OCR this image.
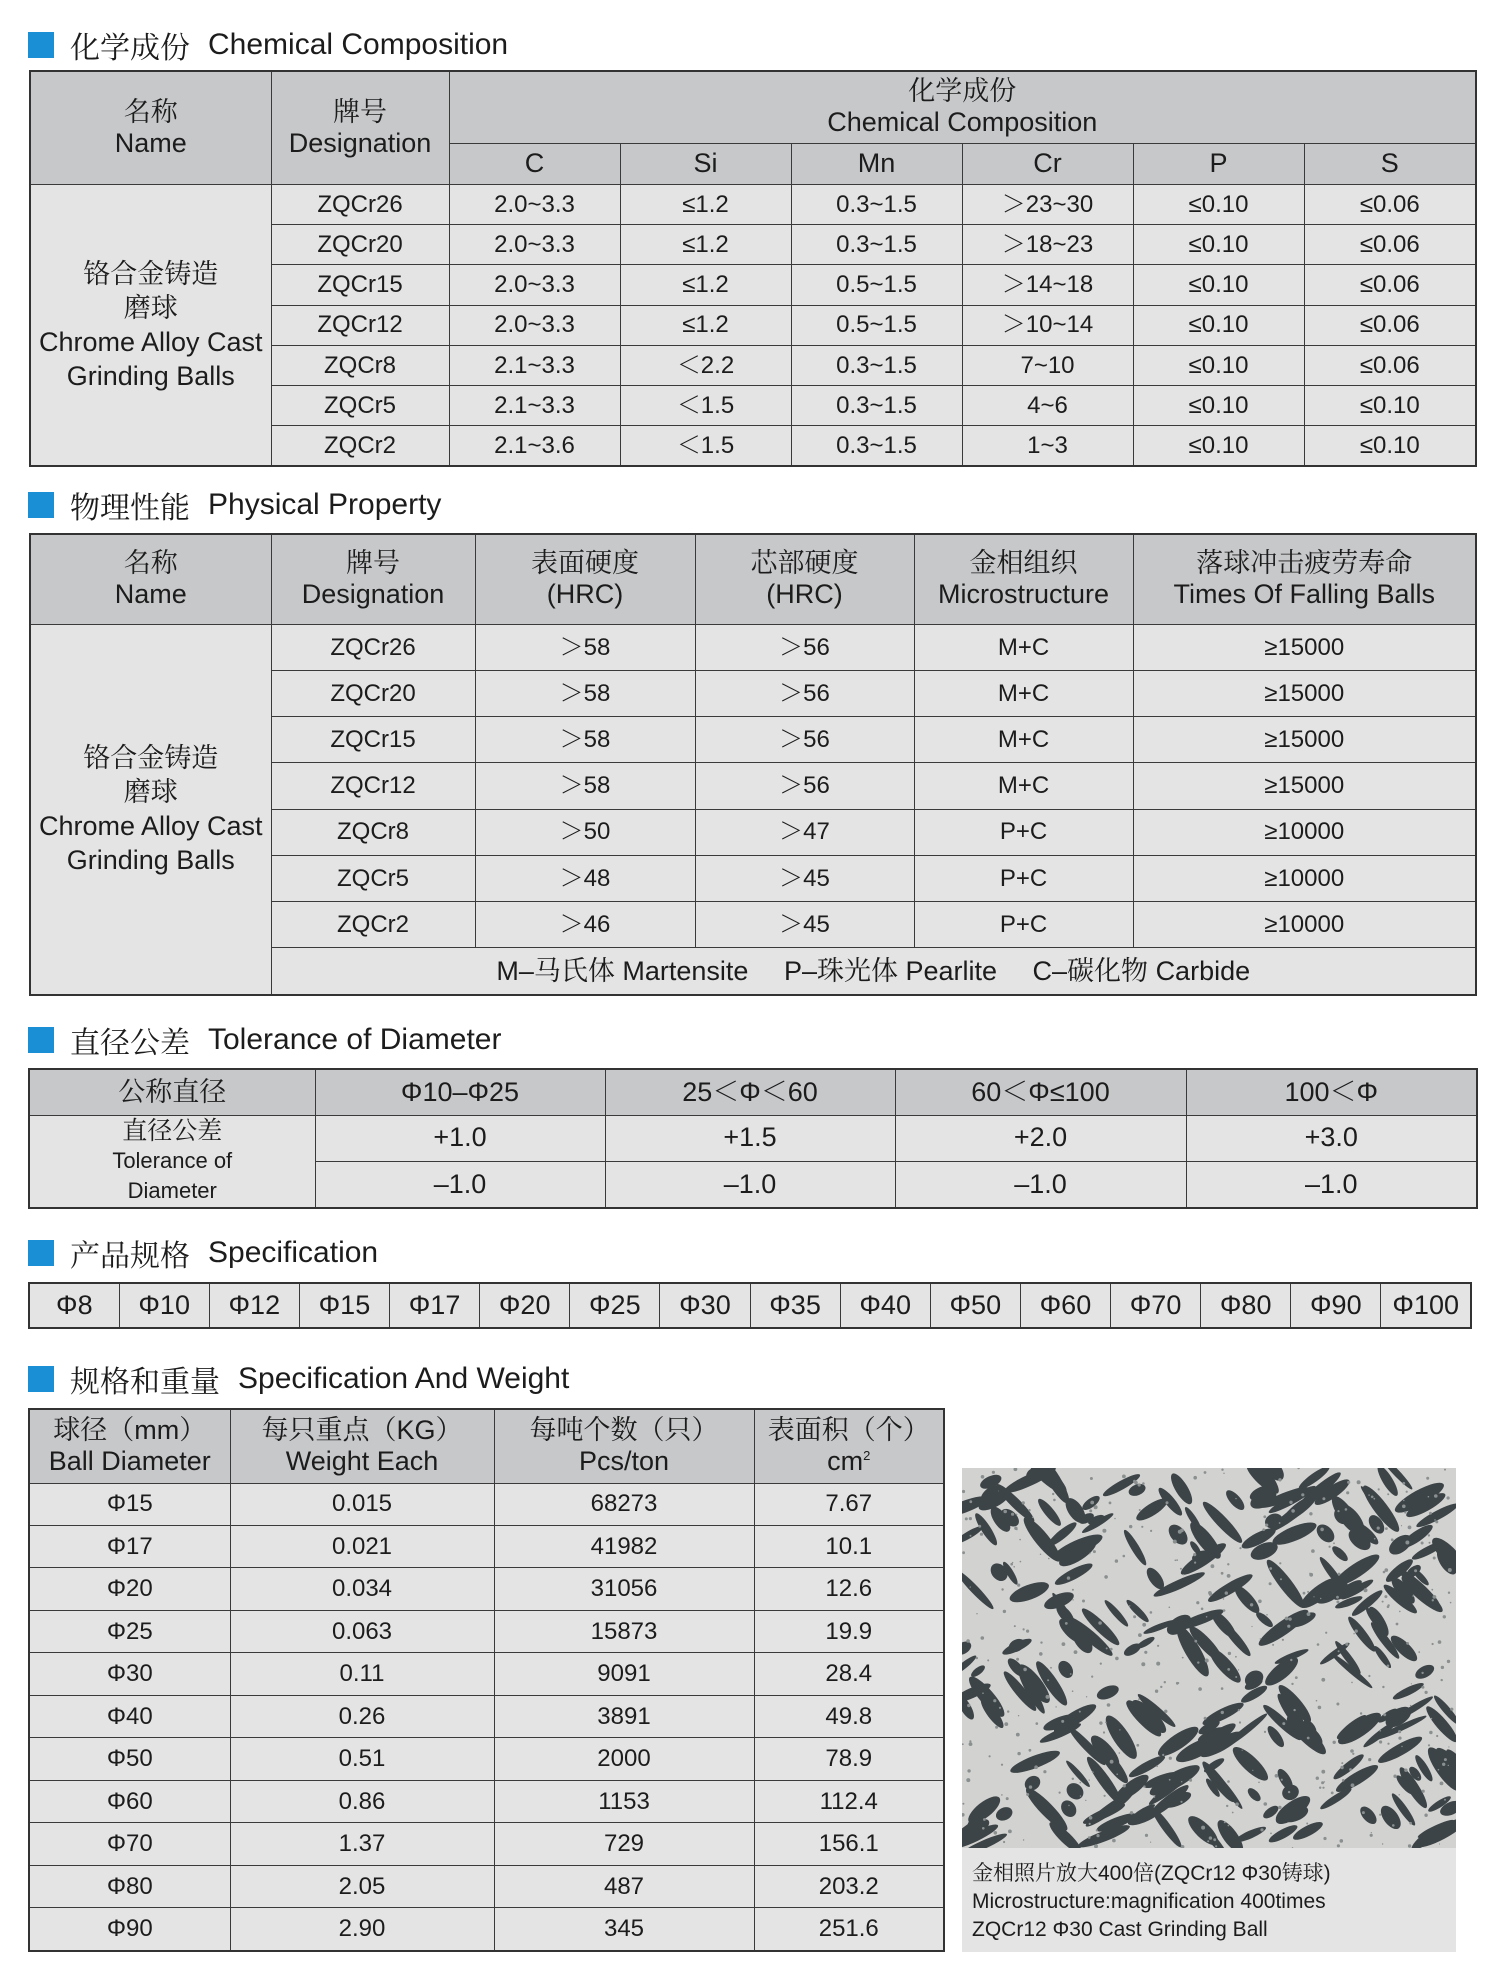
化学成份 Chemical Composition
名称
Name	牌号
Designation	化学成份
Chemical Composition					

		C	Si	Mn	Cr	P	S

铬合金铸造
磨球
Chrome Alloy Cast
Grinding Balls	ZQCr26	2.0~3.3	≤1.2	0.3~1.5	＞23~30	≤0.10	≤0.06
	ZQCr20	2.0~3.3	≤1.2	0.3~1.5	＞18~23	≤0.10	≤0.06
	ZQCr15	2.0~3.3	≤1.2	0.5~1.5	＞14~18	≤0.10	≤0.06
	ZQCr12	2.0~3.3	≤1.2	0.5~1.5	＞10~14	≤0.10	≤0.06
	ZQCr8	2.1~3.3	＜2.2	0.3~1.5	7~10	≤0.10	≤0.06
	ZQCr5	2.1~3.3	＜1.5	0.3~1.5	4~6	≤0.10	≤0.10
	ZQCr2	2.1~3.6	＜1.5	0.3~1.5	1~3	≤0.10	≤0.10
物理性能 Physical Property
名称
Name	牌号
Designation	表面硬度
(HRC)	芯部硬度
(HRC)	金相组织
Microstructure	落球冲击疲劳寿命
Times Of Falling Balls

铬合金铸造
磨球
Chrome Alloy Cast
Grinding Balls	ZQCr26	＞58	＞56	M+C	≥15000
	ZQCr20	＞58	＞56	M+C	≥15000
	ZQCr15	＞58	＞56	M+C	≥15000
	ZQCr12	＞58	＞56	M+C	≥15000
	ZQCr8	＞50	＞47	P+C	≥10000
	ZQCr5	＞48	＞45	P+C	≥10000
	ZQCr2	＞46	＞45	P+C	≥10000
	M–马氏体 Martensite P–珠光体 Pearlite C–碳化物 Carbide				
直径公差 Tolerance of Diameter
公称直径	Φ10–Φ25	25＜Φ＜60	60＜Φ≤100	100＜Φ

直径公差
Tolerance of
Diameter	+1.0	+1.5	+2.0	+3.0
	–1.0	–1.0	–1.0	–1.0
产品规格 Specification
Φ8	Φ10	Φ12	Φ15	Φ17	Φ20	Φ25	Φ30	Φ35	Φ40	Φ50	Φ60	Φ70	Φ80	Φ90	Φ100
规格和重量 Specification And Weight
球径（mm）
Ball Diameter	每只重点（KG）
Weight Each	每吨个数（只）
Pcs/ton	表面积（个）
$cm^2$

Φ15	0.015	68273	7.67
Φ17	0.021	41982	10.1
Φ20	0.034	31056	12.6
Φ25	0.063	15873	19.9
Φ30	0.11	9091	28.4
Φ40	0.26	3891	49.8
Φ50	0.51	2000	78.9
Φ60	0.86	1153	112.4
Φ70	1.37	729	156.1
Φ80	2.05	487	203.2
Φ90	2.90	345	251.6
金相照片放大400倍(ZQCr12 Φ30铸球)
Microstructure:magnification 400times
ZQCr12 Φ30 Cast Grinding Ball
